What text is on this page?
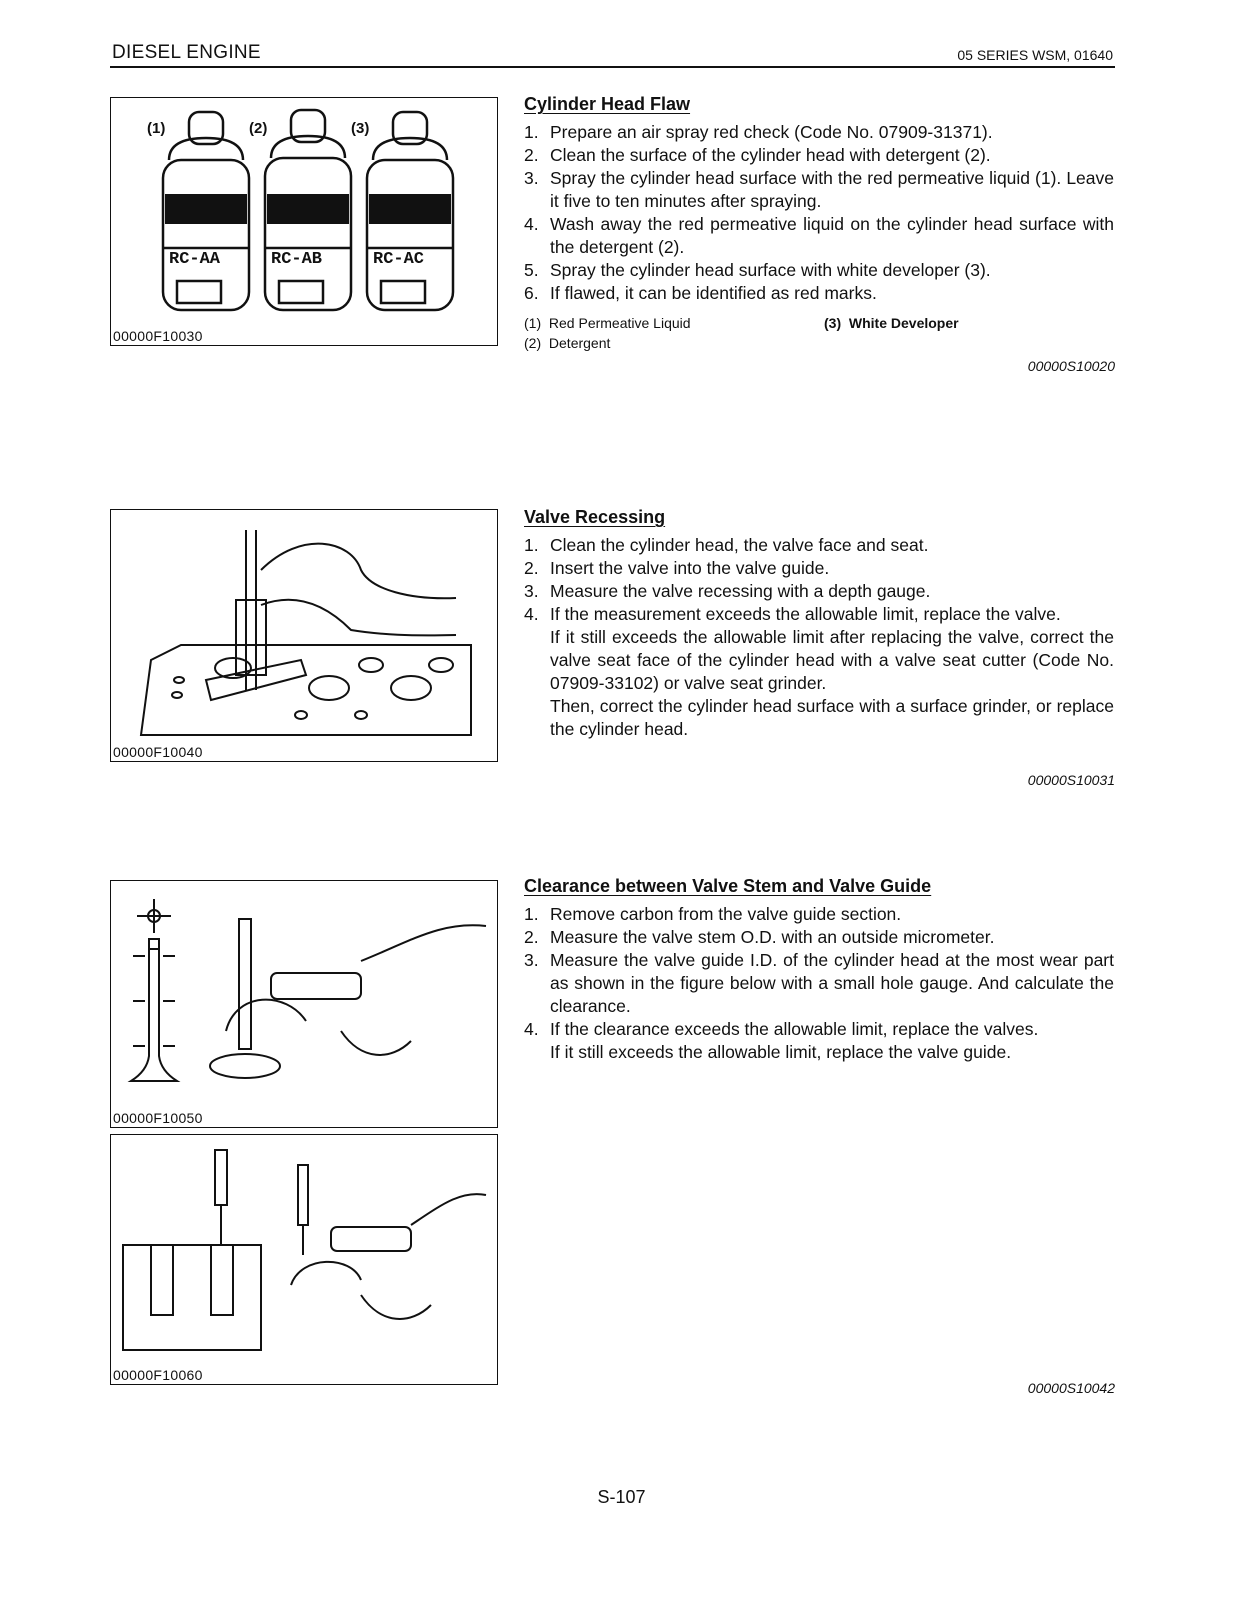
DIESEL ENGINE	05 SERIES WSM, 01640
(1)	(2)	(3)
RC-AA	RC-AB	RC-AC
00000F10030
00000F10040
00000F10050
00000F10060
Cylinder Head Flaw
1. Prepare an air spray red check (Code No. 07909-31371).
2. Clean the surface of the cylinder head with detergent (2).
3. Spray the cylinder head surface with the red permeative liquid (1). Leave it five to ten minutes after spraying.
4. Wash away the red permeative liquid on the cylinder head surface with the detergent (2).
5. Spray the cylinder head surface with white developer (3).
6. If flawed, it can be identified as red marks.
(1) Red Permeative Liquid	(3) White Developer
(2) Detergent
00000S10020
Valve Recessing
1. Clean the cylinder head, the valve face and seat.
2. Insert the valve into the valve guide.
3. Measure the valve recessing with a depth gauge.
4. If the measurement exceeds the allowable limit, replace the valve.
If it still exceeds the allowable limit after replacing the valve, correct the valve seat face of the cylinder head with a valve seat cutter (Code No. 07909-33102) or valve seat grinder.
Then, correct the cylinder head surface with a surface grinder, or replace the cylinder head.
00000S10031
Clearance between Valve Stem and Valve Guide
1. Remove carbon from the valve guide section.
2. Measure the valve stem O.D. with an outside micrometer.
3. Measure the valve guide I.D. of the cylinder head at the most wear part as shown in the figure below with a small hole gauge. And calculate the clearance.
4. If the clearance exceeds the allowable limit, replace the valves.
If it still exceeds the allowable limit, replace the valve guide.
00000S10042
S-107
